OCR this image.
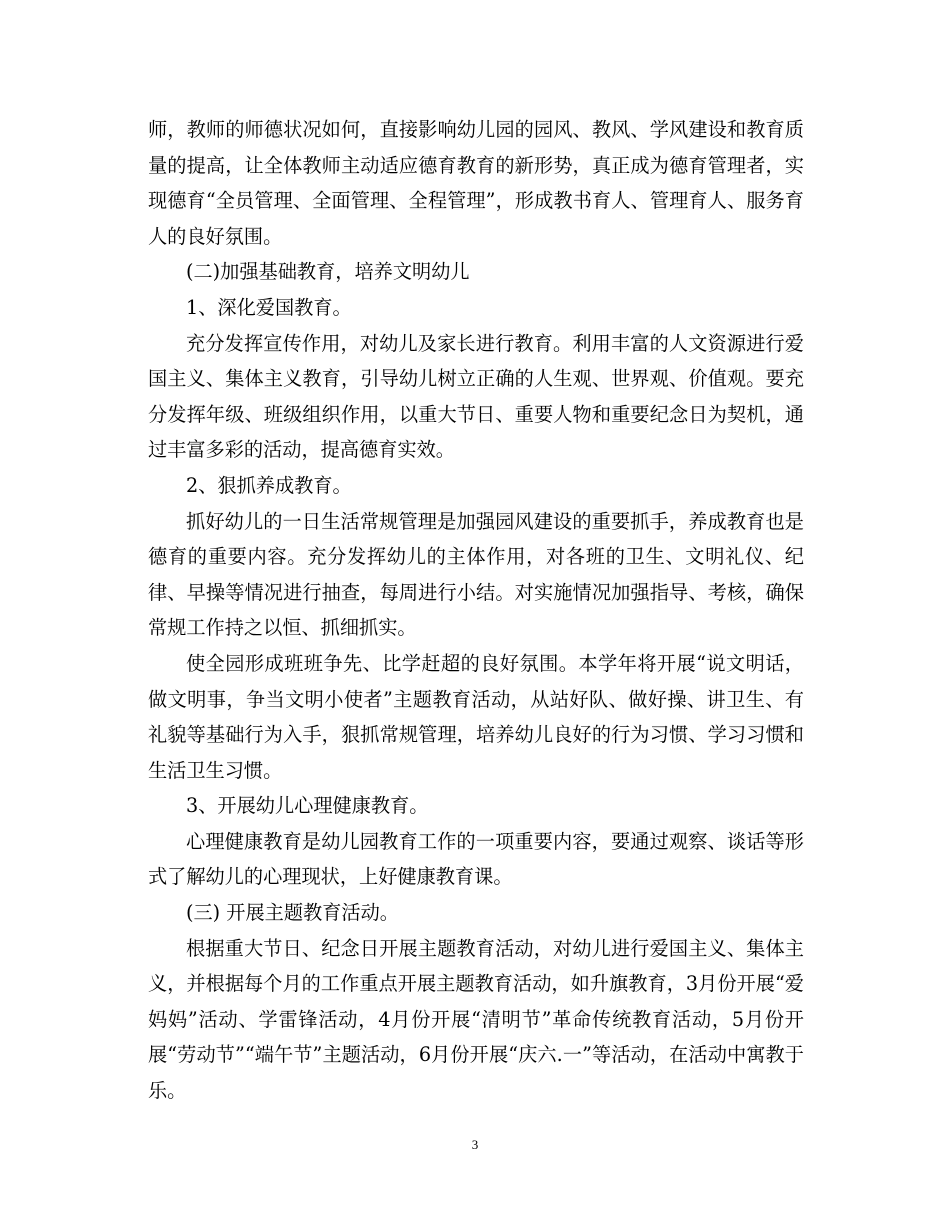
师，教师的师德状况如何，直接影响幼儿园的园风、教风、学风建设和教育质量的提高，让全体教师主动适应德育教育的新形势，真正成为德育管理者，实现德育“全员管理、全面管理、全程管理”，形成教书育人、管理育人、服务育人的良好氛围。

(二)加强基础教育，培养文明幼儿

1、深化爱国教育。

充分发挥宣传作用，对幼儿及家长进行教育。利用丰富的人文资源进行爱国主义、集体主义教育，引导幼儿树立正确的人生观、世界观、价值观。要充分发挥年级、班级组织作用，以重大节日、重要人物和重要纪念日为契机，通过丰富多彩的活动，提高德育实效。

2、狠抓养成教育。

抓好幼儿的一日生活常规管理是加强园风建设的重要抓手，养成教育也是德育的重要内容。充分发挥幼儿的主体作用，对各班的卫生、文明礼仪、纪律、早操等情况进行抽查，每周进行小结。对实施情况加强指导、考核，确保常规工作持之以恒、抓细抓实。

使全园形成班班争先、比学赶超的良好氛围。本学年将开展“说文明话，做文明事，争当文明小使者”主题教育活动，从站好队、做好操、讲卫生、有礼貌等基础行为入手，狠抓常规管理，培养幼儿良好的行为习惯、学习习惯和生活卫生习惯。

3、开展幼儿心理健康教育。

心理健康教育是幼儿园教育工作的一项重要内容，要通过观察、谈话等形式了解幼儿的心理现状，上好健康教育课。

(三) 开展主题教育活动。

根据重大节日、纪念日开展主题教育活动，对幼儿进行爱国主义、集体主义，并根据每个月的工作重点开展主题教育活动，如升旗教育，3月份开展“爱妈妈”活动、学雷锋活动，4月份开展“清明节”革命传统教育活动，5月份开展“劳动节”“端午节”主题活动，6月份开展“庆六.一”等活动，在活动中寓教于乐。

3
